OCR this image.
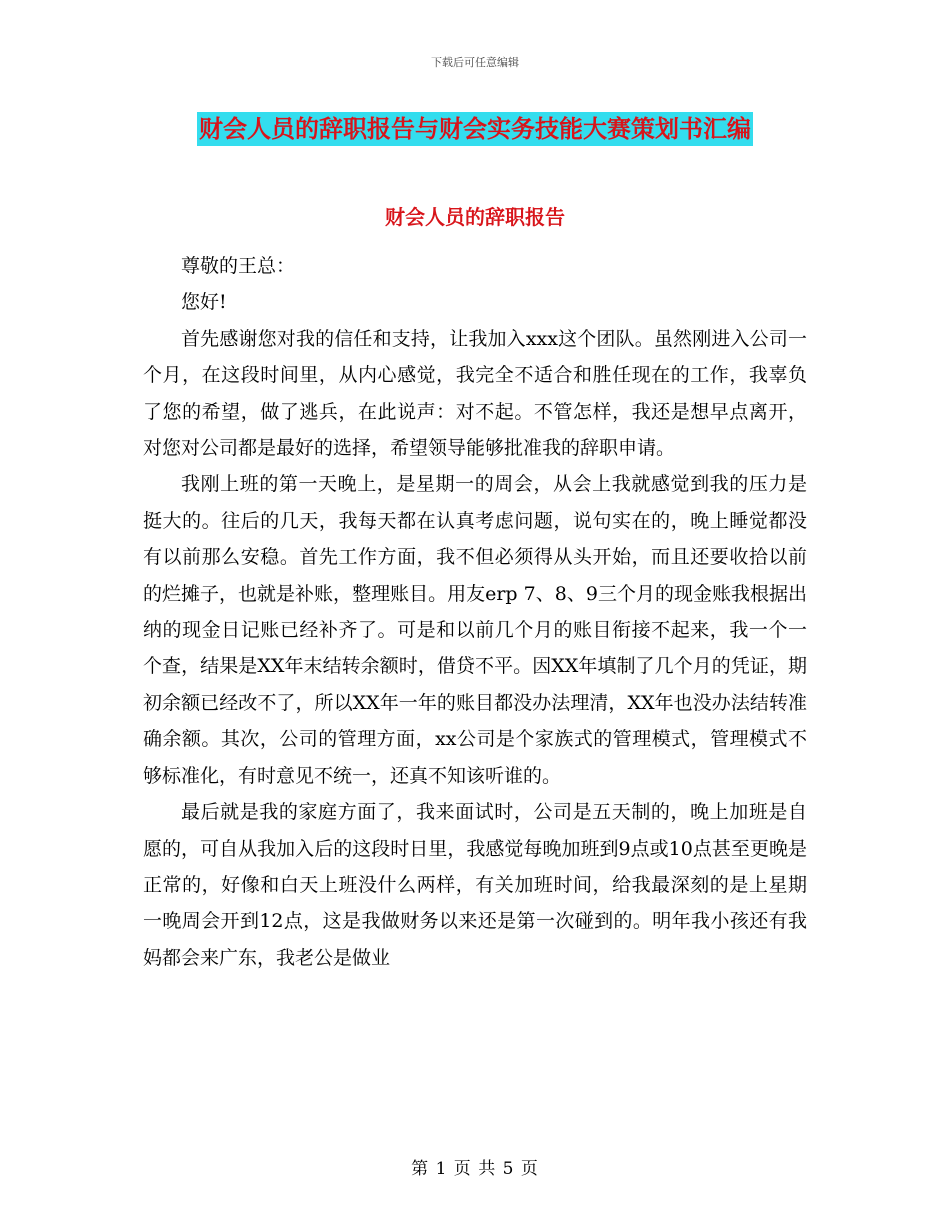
下载后可任意编辑
财会人员的辞职报告与财会实务技能大赛策划书汇编
财会人员的辞职报告

尊敬的王总：

您好!

首先感谢您对我的信任和支持，让我加入xxx这个团队。虽然刚进入公司一个月，在这段时间里，从内心感觉，我完全不适合和胜任现在的工作，我辜负了您的希望，做了逃兵，在此说声：对不起。不管怎样，我还是想早点离开，对您对公司都是最好的选择，希望领导能够批准我的辞职申请。

我刚上班的第一天晚上，是星期一的周会，从会上我就感觉到我的压力是挺大的。往后的几天，我每天都在认真考虑问题，说句实在的，晚上睡觉都没有以前那么安稳。首先工作方面，我不但必须得从头开始，而且还要收拾以前的烂摊子，也就是补账，整理账目。用友erp 7、8、9三个月的现金账我根据出纳的现金日记账已经补齐了。可是和以前几个月的账目衔接不起来，我一个一个查，结果是XX年末结转余额时，借贷不平。因XX年填制了几个月的凭证，期初余额已经改不了，所以XX年一年的账目都没办法理清，XX年也没办法结转准确余额。其次，公司的管理方面，xx公司是个家族式的管理模式，管理模式不够标准化，有时意见不统一，还真不知该听谁的。

最后就是我的家庭方面了，我来面试时，公司是五天制的，晚上加班是自愿的，可自从我加入后的这段时日里，我感觉每晚加班到9点或10点甚至更晚是正常的，好像和白天上班没什么两样，有关加班时间，给我最深刻的是上星期一晚周会开到12点，这是我做财务以来还是第一次碰到的。明年我小孩还有我妈都会来广东，我老公是做业

第 1 页 共 5 页
